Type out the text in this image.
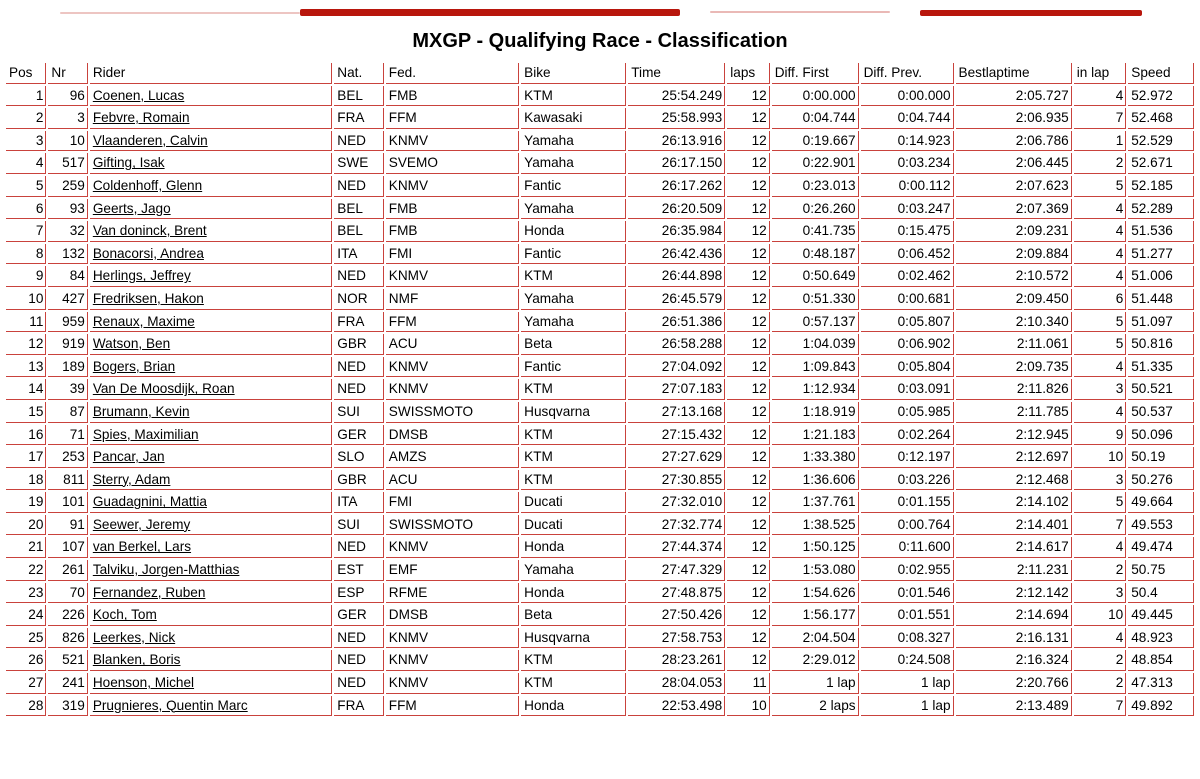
MXGP - Qualifying Race - Classification
Pos	Nr	Rider	Nat.	Fed.	Bike	Time	laps	Diff. First	Diff. Prev.	Bestlaptime	in lap	Speed
1	96	Coenen, Lucas	BEL	FMB	KTM	25:54.249	12	0:00.000	0:00.000	2:05.727	4	52.972
2	3	Febvre, Romain	FRA	FFM	Kawasaki	25:58.993	12	0:04.744	0:04.744	2:06.935	7	52.468
3	10	Vlaanderen, Calvin	NED	KNMV	Yamaha	26:13.916	12	0:19.667	0:14.923	2:06.786	1	52.529
4	517	Gifting, Isak	SWE	SVEMO	Yamaha	26:17.150	12	0:22.901	0:03.234	2:06.445	2	52.671
5	259	Coldenhoff, Glenn	NED	KNMV	Fantic	26:17.262	12	0:23.013	0:00.112	2:07.623	5	52.185
6	93	Geerts, Jago	BEL	FMB	Yamaha	26:20.509	12	0:26.260	0:03.247	2:07.369	4	52.289
7	32	Van doninck, Brent	BEL	FMB	Honda	26:35.984	12	0:41.735	0:15.475	2:09.231	4	51.536
8	132	Bonacorsi, Andrea	ITA	FMI	Fantic	26:42.436	12	0:48.187	0:06.452	2:09.884	4	51.277
9	84	Herlings, Jeffrey	NED	KNMV	KTM	26:44.898	12	0:50.649	0:02.462	2:10.572	4	51.006
10	427	Fredriksen, Hakon	NOR	NMF	Yamaha	26:45.579	12	0:51.330	0:00.681	2:09.450	6	51.448
11	959	Renaux, Maxime	FRA	FFM	Yamaha	26:51.386	12	0:57.137	0:05.807	2:10.340	5	51.097
12	919	Watson, Ben	GBR	ACU	Beta	26:58.288	12	1:04.039	0:06.902	2:11.061	5	50.816
13	189	Bogers, Brian	NED	KNMV	Fantic	27:04.092	12	1:09.843	0:05.804	2:09.735	4	51.335
14	39	Van De Moosdijk, Roan	NED	KNMV	KTM	27:07.183	12	1:12.934	0:03.091	2:11.826	3	50.521
15	87	Brumann, Kevin	SUI	SWISSMOTO	Husqvarna	27:13.168	12	1:18.919	0:05.985	2:11.785	4	50.537
16	71	Spies, Maximilian	GER	DMSB	KTM	27:15.432	12	1:21.183	0:02.264	2:12.945	9	50.096
17	253	Pancar, Jan	SLO	AMZS	KTM	27:27.629	12	1:33.380	0:12.197	2:12.697	10	50.19
18	811	Sterry, Adam	GBR	ACU	KTM	27:30.855	12	1:36.606	0:03.226	2:12.468	3	50.276
19	101	Guadagnini, Mattia	ITA	FMI	Ducati	27:32.010	12	1:37.761	0:01.155	2:14.102	5	49.664
20	91	Seewer, Jeremy	SUI	SWISSMOTO	Ducati	27:32.774	12	1:38.525	0:00.764	2:14.401	7	49.553
21	107	van Berkel, Lars	NED	KNMV	Honda	27:44.374	12	1:50.125	0:11.600	2:14.617	4	49.474
22	261	Talviku, Jorgen-Matthias	EST	EMF	Yamaha	27:47.329	12	1:53.080	0:02.955	2:11.231	2	50.75
23	70	Fernandez, Ruben	ESP	RFME	Honda	27:48.875	12	1:54.626	0:01.546	2:12.142	3	50.4
24	226	Koch, Tom	GER	DMSB	Beta	27:50.426	12	1:56.177	0:01.551	2:14.694	10	49.445
25	826	Leerkes, Nick	NED	KNMV	Husqvarna	27:58.753	12	2:04.504	0:08.327	2:16.131	4	48.923
26	521	Blanken, Boris	NED	KNMV	KTM	28:23.261	12	2:29.012	0:24.508	2:16.324	2	48.854
27	241	Hoenson, Michel	NED	KNMV	KTM	28:04.053	11	1 lap	1 lap	2:20.766	2	47.313
28	319	Prugnieres, Quentin Marc	FRA	FFM	Honda	22:53.498	10	2 laps	1 lap	2:13.489	7	49.892
